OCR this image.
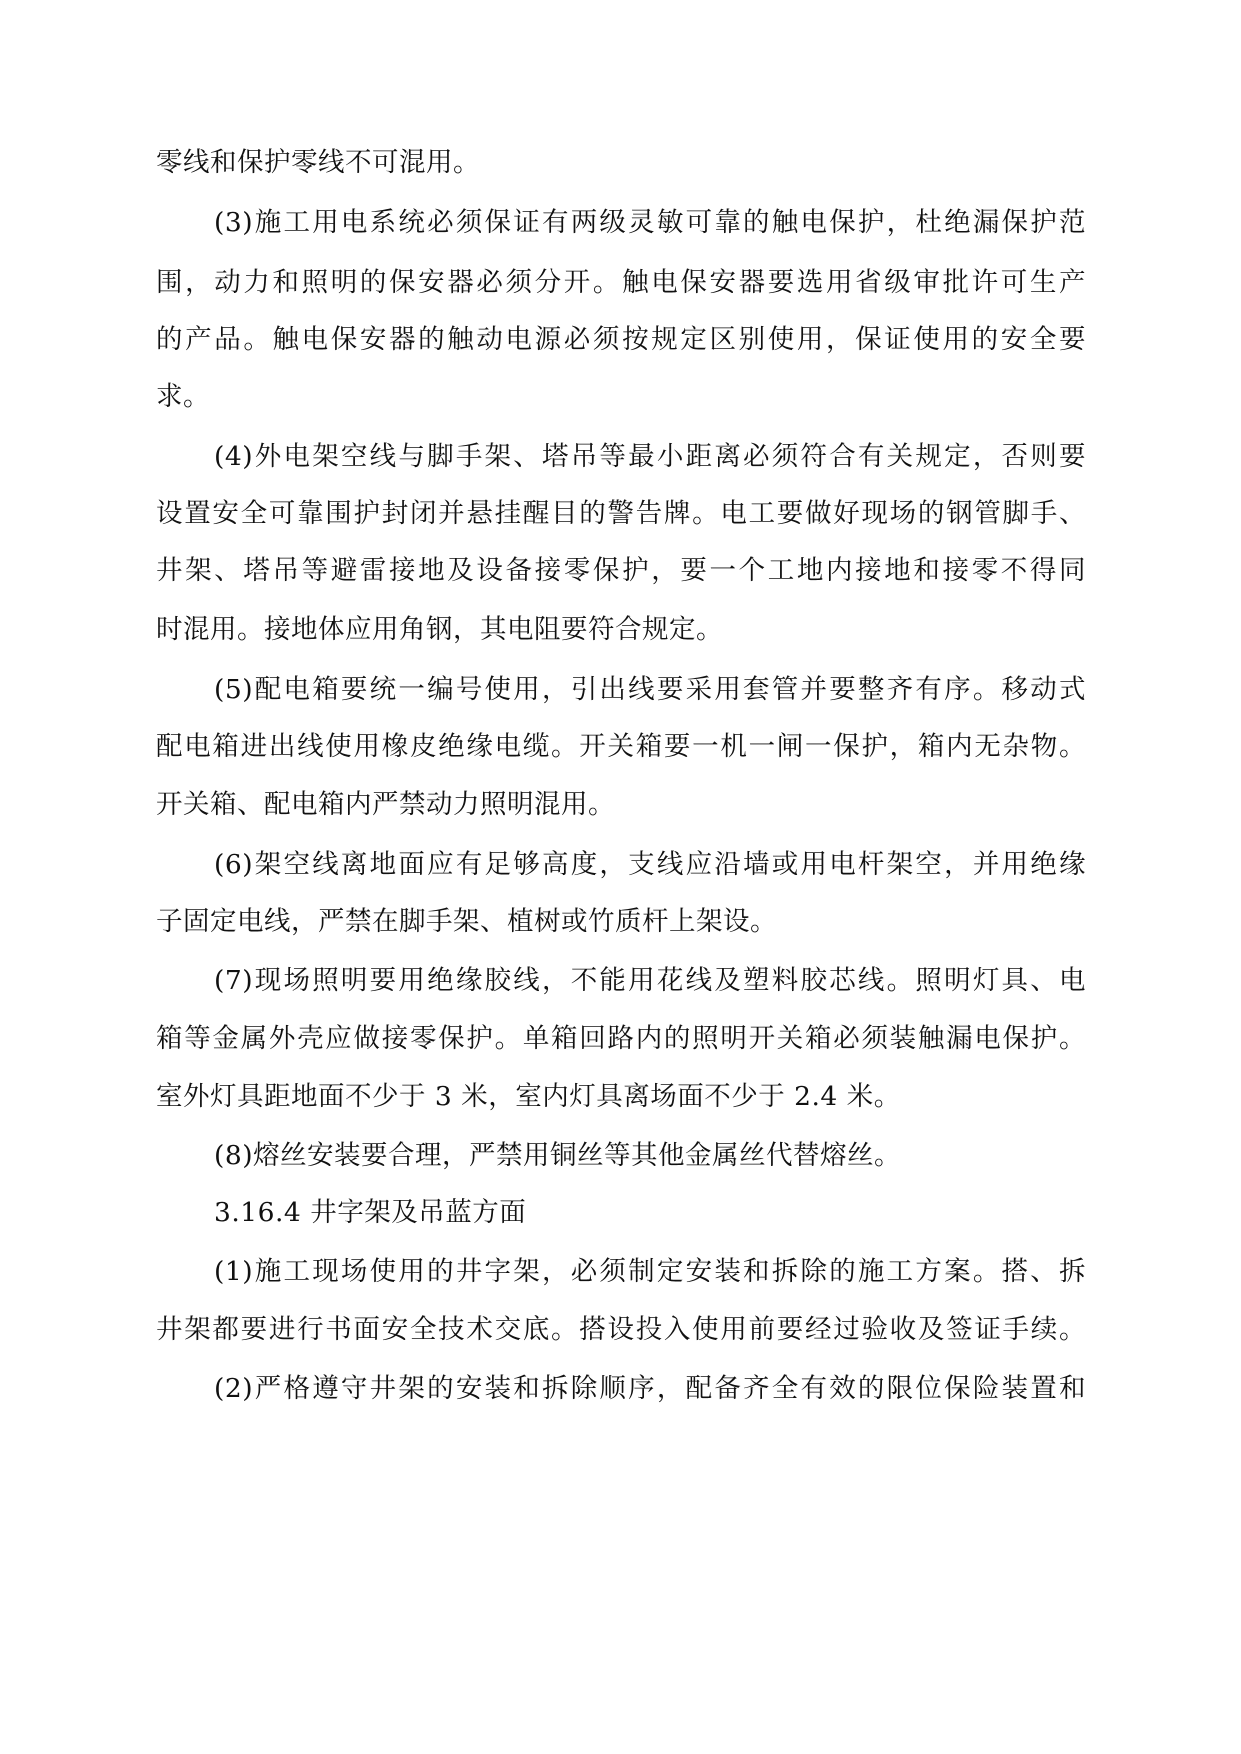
零线和保护零线不可混用。
(3)施工用电系统必须保证有两级灵敏可靠的触电保护，杜绝漏保护范
围，动力和照明的保安器必须分开。触电保安器要选用省级审批许可生产
的产品。触电保安器的触动电源必须按规定区别使用，保证使用的安全要
求。
(4)外电架空线与脚手架、塔吊等最小距离必须符合有关规定，否则要
设置安全可靠围护封闭并悬挂醒目的警告牌。电工要做好现场的钢管脚手、
井架、塔吊等避雷接地及设备接零保护，要一个工地内接地和接零不得同
时混用。接地体应用角钢，其电阻要符合规定。
(5)配电箱要统一编号使用，引出线要采用套管并要整齐有序。移动式
配电箱进出线使用橡皮绝缘电缆。开关箱要一机一闸一保护，箱内无杂物。
开关箱、配电箱内严禁动力照明混用。
(6)架空线离地面应有足够高度，支线应沿墙或用电杆架空，并用绝缘
子固定电线，严禁在脚手架、植树或竹质杆上架设。
(7)现场照明要用绝缘胶线，不能用花线及塑料胶芯线。照明灯具、电
箱等金属外壳应做接零保护。单箱回路内的照明开关箱必须装触漏电保护。
室外灯具距地面不少于 3 米，室内灯具离场面不少于 2.4 米。
(8)熔丝安装要合理，严禁用铜丝等其他金属丝代替熔丝。
3.16.4 井字架及吊蓝方面
(1)施工现场使用的井字架，必须制定安装和拆除的施工方案。搭、拆
井架都要进行书面安全技术交底。搭设投入使用前要经过验收及签证手续。
(2)严格遵守井架的安装和拆除顺序，配备齐全有效的限位保险装置和
